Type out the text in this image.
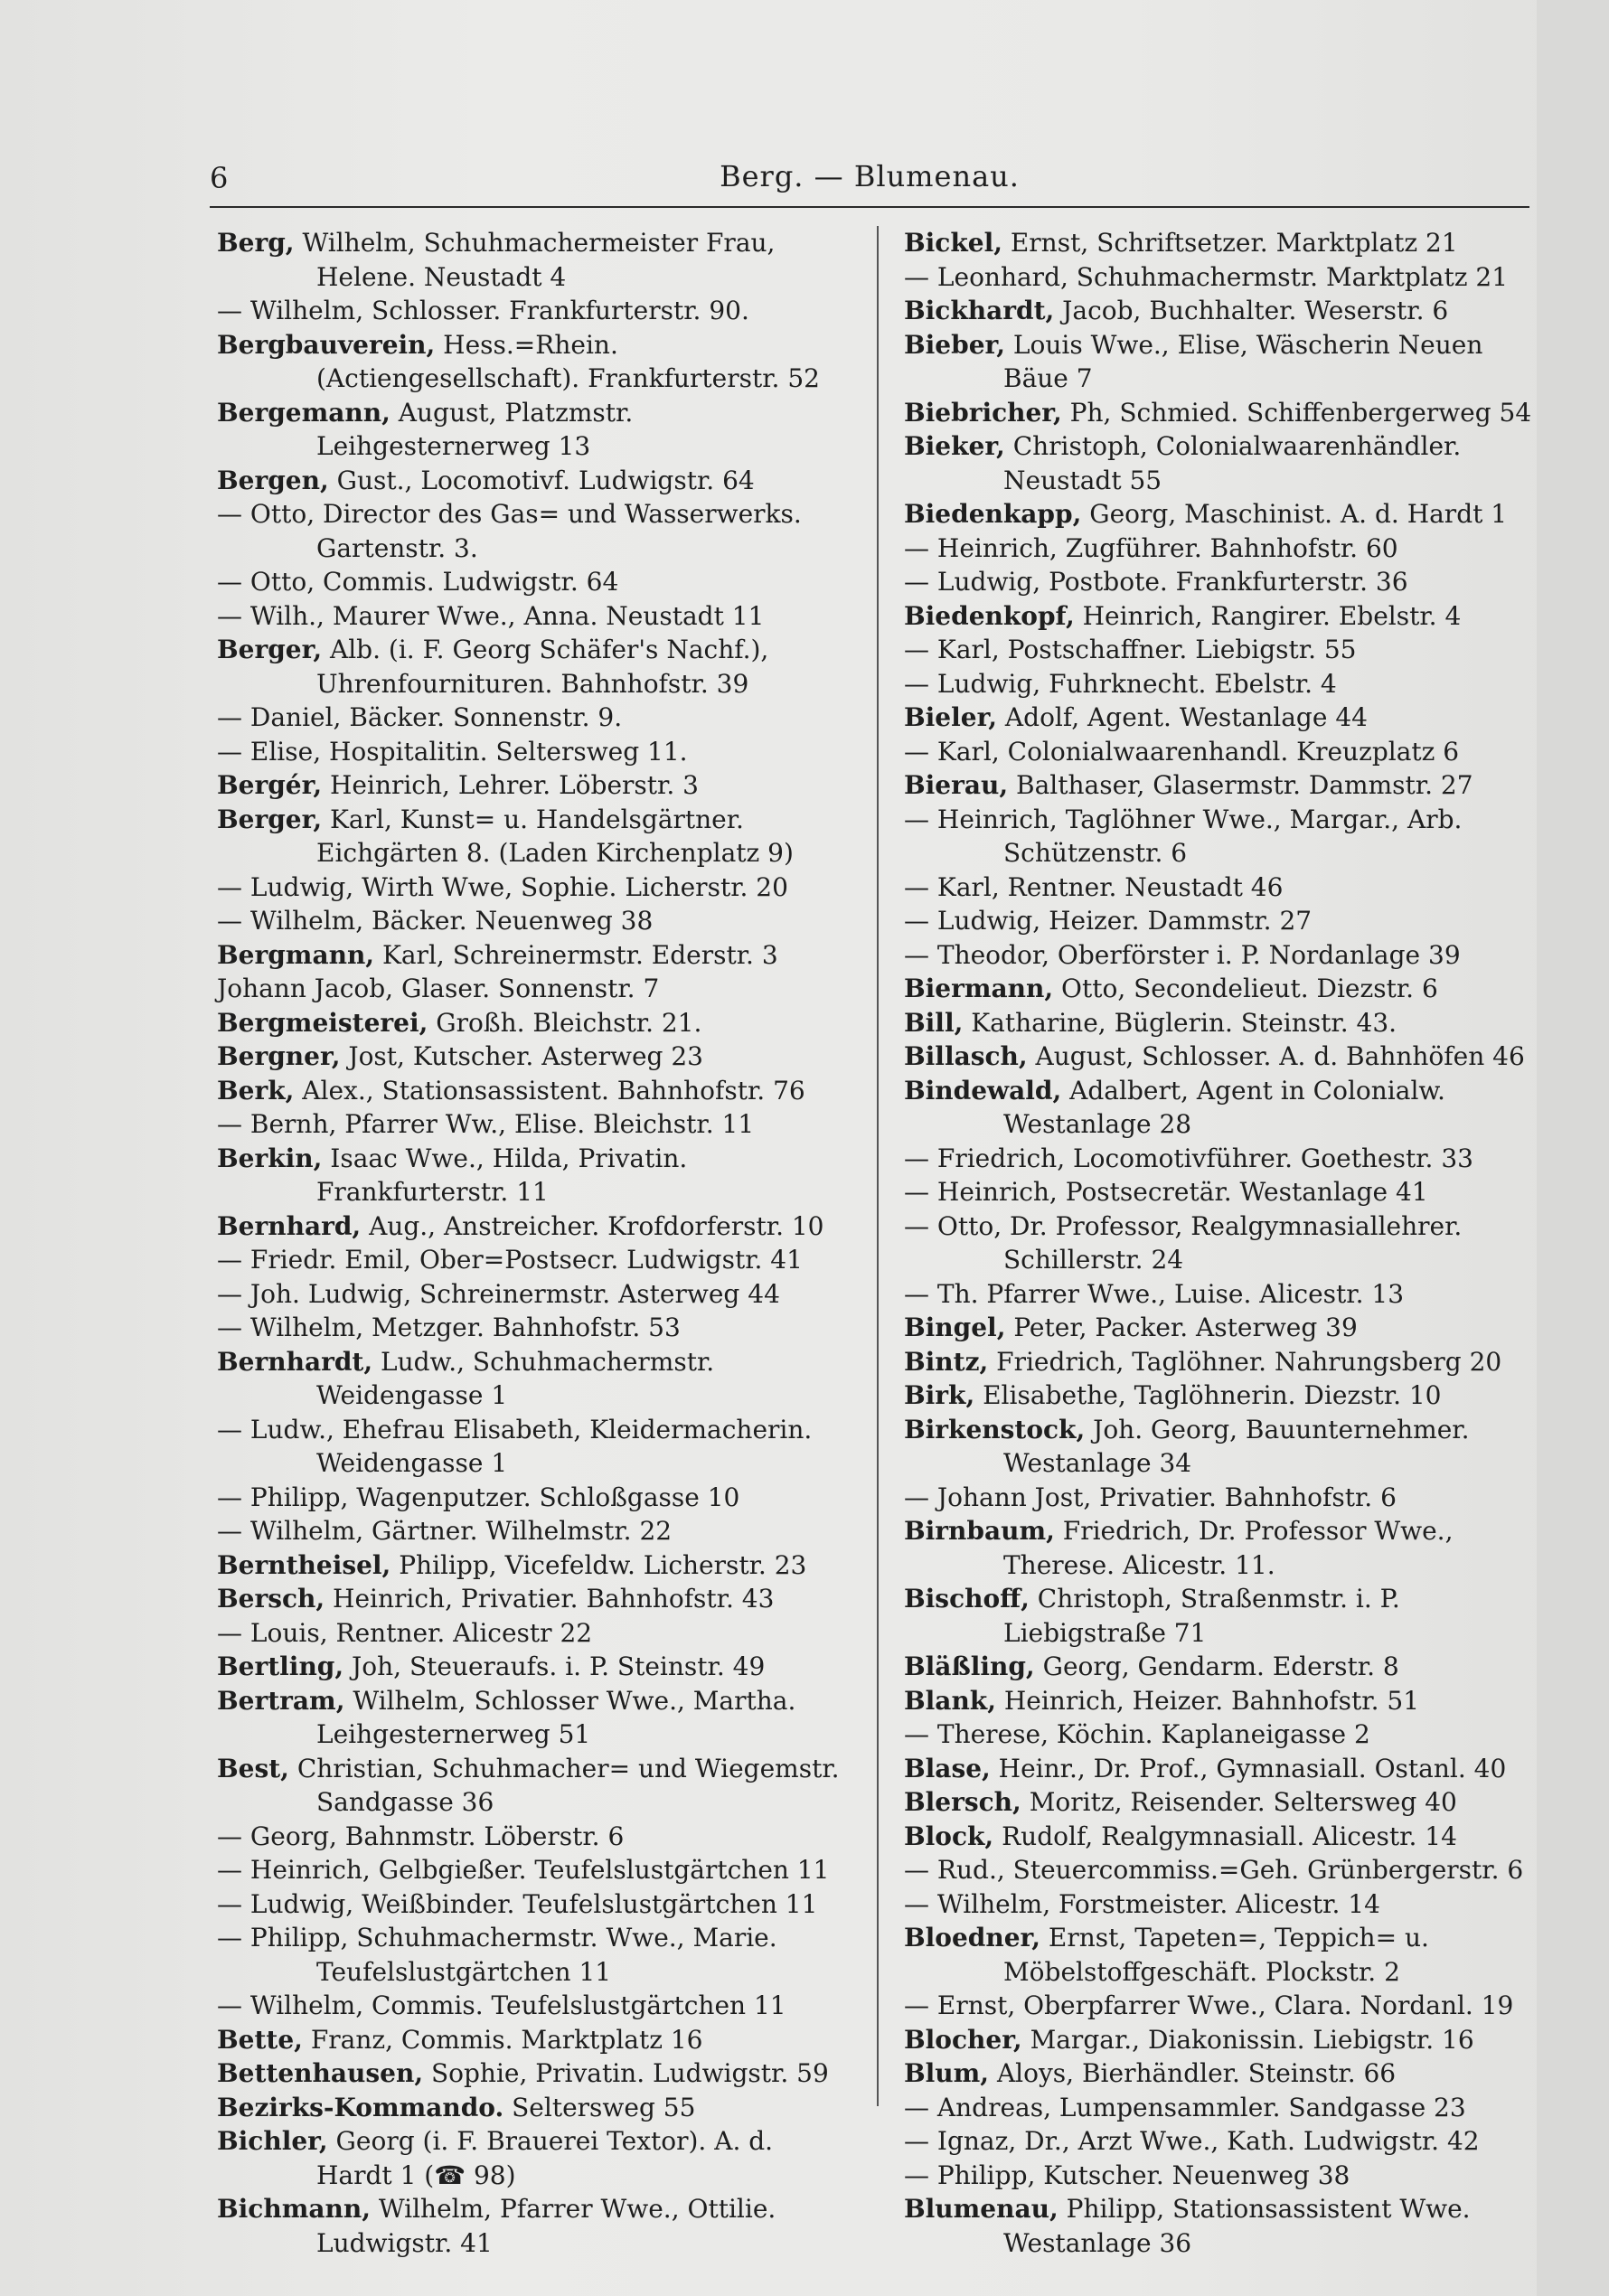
6	Berg. — Blumenau.
Berg, Wilhelm, Schuhmachermeister Frau, Helene. Neustadt 4
— Wilhelm, Schlosser. Frankfurterstr. 90.
Bergbauverein, Hess.=Rhein. (Actiengesellschaft). Frankfurterstr. 52
Bergemann, August, Platzmstr. Leihgesternerweg 13
Bergen, Gust., Locomotivf. Ludwigstr. 64
— Otto, Director des Gas= und Wasserwerks. Gartenstr. 3.
— Otto, Commis. Ludwigstr. 64
— Wilh., Maurer Wwe., Anna. Neustadt 11
Berger, Alb. (i. F. Georg Schäfer's Nachf.), Uhrenfournituren. Bahnhofstr. 39
— Daniel, Bäcker. Sonnenstr. 9.
— Elise, Hospitalitin. Seltersweg 11.
Bergér, Heinrich, Lehrer. Löberstr. 3
Berger, Karl, Kunst= u. Handelsgärtner. Eichgärten 8. (Laden Kirchenplatz 9)
— Ludwig, Wirth Wwe, Sophie. Licherstr. 20
— Wilhelm, Bäcker. Neuenweg 38
Bergmann, Karl, Schreinermstr. Ederstr. 3
Johann Jacob, Glaser. Sonnenstr. 7
Bergmeisterei, Großh. Bleichstr. 21.
Bergner, Jost, Kutscher. Asterweg 23
Berk, Alex., Stationsassistent. Bahnhofstr. 76
— Bernh, Pfarrer Ww., Elise. Bleichstr. 11
Berkin, Isaac Wwe., Hilda, Privatin. Frankfurterstr. 11
Bernhard, Aug., Anstreicher. Krofdorferstr. 10
— Friedr. Emil, Ober=Postsecr. Ludwigstr. 41
— Joh. Ludwig, Schreinermstr. Asterweg 44
— Wilhelm, Metzger. Bahnhofstr. 53
Bernhardt, Ludw., Schuhmachermstr. Weidengasse 1
— Ludw., Ehefrau Elisabeth, Kleidermacherin. Weidengasse 1
— Philipp, Wagenputzer. Schloßgasse 10
— Wilhelm, Gärtner. Wilhelmstr. 22
Berntheisel, Philipp, Vicefeldw. Licherstr. 23
Bersch, Heinrich, Privatier. Bahnhofstr. 43
— Louis, Rentner. Alicestr 22
Bertling, Joh, Steueraufs. i. P. Steinstr. 49
Bertram, Wilhelm, Schlosser Wwe., Martha. Leihgesternerweg 51
Best, Christian, Schuhmacher= und Wiegemstr. Sandgasse 36
— Georg, Bahnmstr. Löberstr. 6
— Heinrich, Gelbgießer. Teufelslustgärtchen 11
— Ludwig, Weißbinder. Teufelslustgärtchen 11
— Philipp, Schuhmachermstr. Wwe., Marie. Teufelslustgärtchen 11
— Wilhelm, Commis. Teufelslustgärtchen 11
Bette, Franz, Commis. Marktplatz 16
Bettenhausen, Sophie, Privatin. Ludwigstr. 59
Bezirks-Kommando. Seltersweg 55
Bichler, Georg (i. F. Brauerei Textor). A. d. Hardt 1 (☎ 98)
Bichmann, Wilhelm, Pfarrer Wwe., Ottilie. Ludwigstr. 41
Bickel, Ernst, Schriftsetzer. Marktplatz 21
— Leonhard, Schuhmachermstr. Marktplatz 21
Bickhardt, Jacob, Buchhalter. Weserstr. 6
Bieber, Louis Wwe., Elise, Wäscherin Neuen Bäue 7
Biebricher, Ph, Schmied. Schiffenbergerweg 54
Bieker, Christoph, Colonialwaarenhändler. Neustadt 55
Biedenkapp, Georg, Maschinist. A. d. Hardt 1
— Heinrich, Zugführer. Bahnhofstr. 60
— Ludwig, Postbote. Frankfurterstr. 36
Biedenkopf, Heinrich, Rangirer. Ebelstr. 4
— Karl, Postschaffner. Liebigstr. 55
— Ludwig, Fuhrknecht. Ebelstr. 4
Bieler, Adolf, Agent. Westanlage 44
— Karl, Colonialwaarenhandl. Kreuzplatz 6
Bierau, Balthaser, Glasermstr. Dammstr. 27
— Heinrich, Taglöhner Wwe., Margar., Arb. Schützenstr. 6
— Karl, Rentner. Neustadt 46
— Ludwig, Heizer. Dammstr. 27
— Theodor, Oberförster i. P. Nordanlage 39
Biermann, Otto, Secondelieut. Diezstr. 6
Bill, Katharine, Büglerin. Steinstr. 43.
Billasch, August, Schlosser. A. d. Bahnhöfen 46
Bindewald, Adalbert, Agent in Colonialw. Westanlage 28
— Friedrich, Locomotivführer. Goethestr. 33
— Heinrich, Postsecretär. Westanlage 41
— Otto, Dr. Professor, Realgymnasiallehrer. Schillerstr. 24
— Th. Pfarrer Wwe., Luise. Alicestr. 13
Bingel, Peter, Packer. Asterweg 39
Bintz, Friedrich, Taglöhner. Nahrungsberg 20
Birk, Elisabethe, Taglöhnerin. Diezstr. 10
Birkenstock, Joh. Georg, Bauunternehmer. Westanlage 34
— Johann Jost, Privatier. Bahnhofstr. 6
Birnbaum, Friedrich, Dr. Professor Wwe., Therese. Alicestr. 11.
Bischoff, Christoph, Straßenmstr. i. P. Liebigstraße 71
Bläßling, Georg, Gendarm. Ederstr. 8
Blank, Heinrich, Heizer. Bahnhofstr. 51
— Therese, Köchin. Kaplaneigasse 2
Blase, Heinr., Dr. Prof., Gymnasiall. Ostanl. 40
Blersch, Moritz, Reisender. Seltersweg 40
Block, Rudolf, Realgymnasiall. Alicestr. 14
— Rud., Steuercommiss.=Geh. Grünbergerstr. 6
— Wilhelm, Forstmeister. Alicestr. 14
Bloedner, Ernst, Tapeten=, Teppich= u. Möbelstoffgeschäft. Plockstr. 2
— Ernst, Oberpfarrer Wwe., Clara. Nordanl. 19
Blocher, Margar., Diakonissin. Liebigstr. 16
Blum, Aloys, Bierhändler. Steinstr. 66
— Andreas, Lumpensammler. Sandgasse 23
— Ignaz, Dr., Arzt Wwe., Kath. Ludwigstr. 42
— Philipp, Kutscher. Neuenweg 38
Blumenau, Philipp, Stationsassistent Wwe. Westanlage 36
